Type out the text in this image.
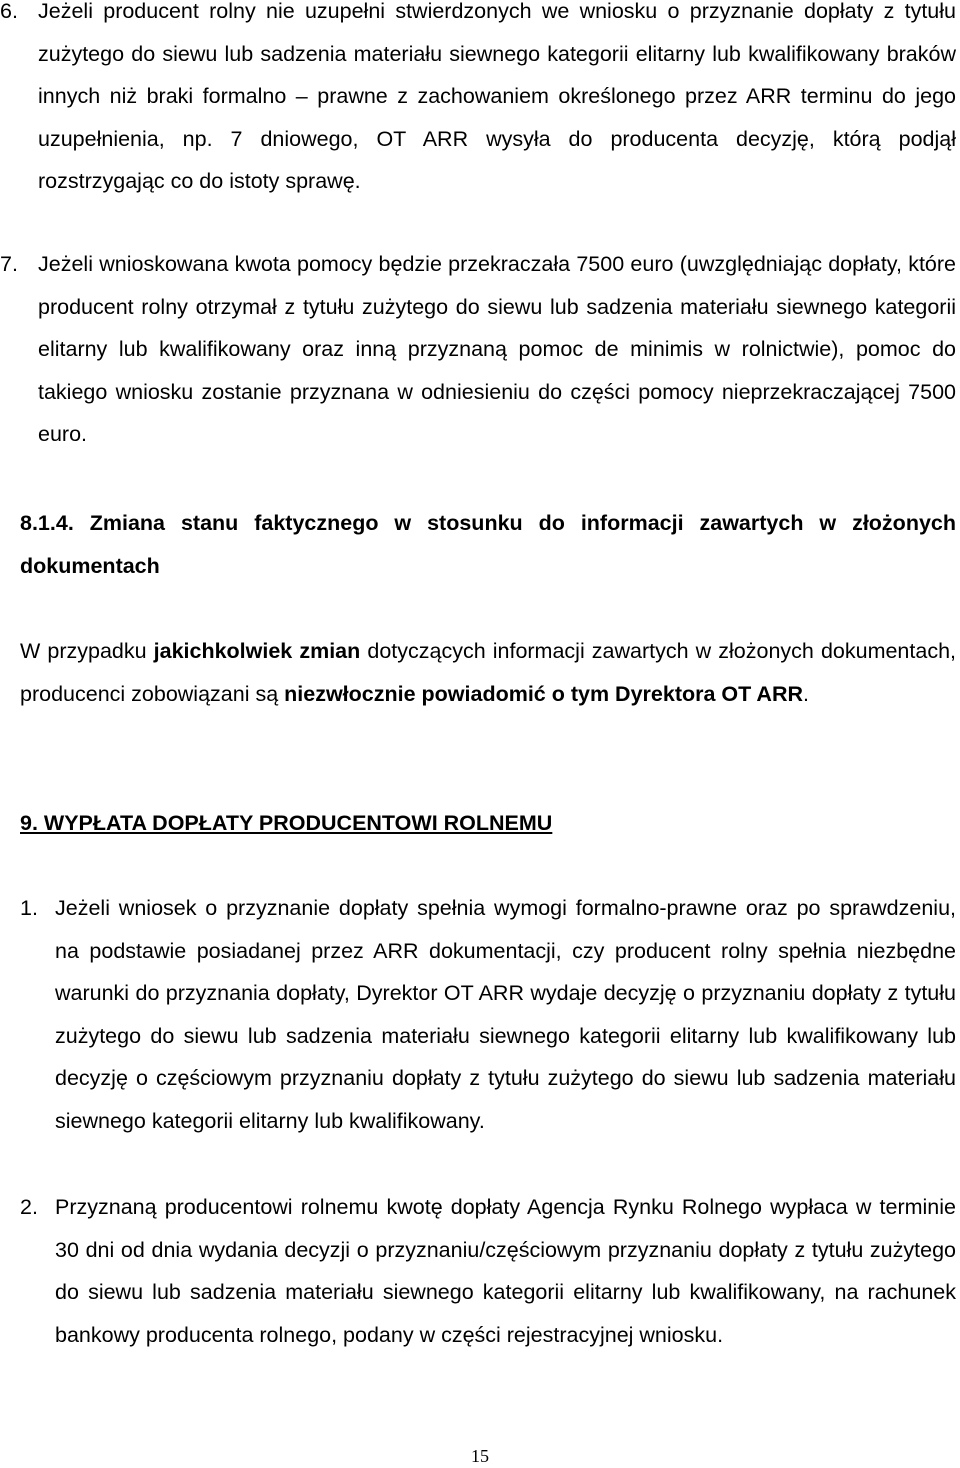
6. Jeżeli producent rolny nie uzupełni stwierdzonych we wniosku o przyznanie dopłaty z tytułu zużytego do siewu lub sadzenia materiału siewnego kategorii elitarny lub kwalifikowany braków innych niż braki formalno – prawne z zachowaniem określonego przez ARR terminu do jego uzupełnienia, np. 7 dniowego, OT ARR wysyła do producenta decyzję, którą podjął rozstrzygając co do istoty sprawę.

7. Jeżeli wnioskowana kwota pomocy będzie przekraczała 7500 euro (uwzględniając dopłaty, które producent rolny otrzymał z tytułu zużytego do siewu lub sadzenia materiału siewnego kategorii elitarny lub kwalifikowany oraz inną przyznaną pomoc de minimis w rolnictwie), pomoc do takiego wniosku zostanie przyznana w odniesieniu do części pomocy nieprzekraczającej 7500 euro.

8.1.4. Zmiana stanu faktycznego w stosunku do informacji zawartych w złożonych dokumentach

W przypadku jakichkolwiek zmian dotyczących informacji zawartych w złożonych dokumentach, producenci zobowiązani są niezwłocznie powiadomić o tym Dyrektora OT ARR.

9. WYPŁATA DOPŁATY PRODUCENTOWI ROLNEMU

1. Jeżeli wniosek o przyznanie dopłaty spełnia wymogi formalno-prawne oraz po sprawdzeniu, na podstawie posiadanej przez ARR dokumentacji, czy producent rolny spełnia niezbędne warunki do przyznania dopłaty, Dyrektor OT ARR wydaje decyzję o przyznaniu dopłaty z tytułu zużytego do siewu lub sadzenia materiału siewnego kategorii elitarny lub kwalifikowany lub decyzję o częściowym przyznaniu dopłaty z tytułu zużytego do siewu lub sadzenia materiału siewnego kategorii elitarny lub kwalifikowany.

2. Przyznaną producentowi rolnemu kwotę dopłaty Agencja Rynku Rolnego wypłaca w terminie 30 dni od dnia wydania decyzji o przyznaniu/częściowym przyznaniu dopłaty z tytułu zużytego do siewu lub sadzenia materiału siewnego kategorii elitarny lub kwalifikowany, na rachunek bankowy producenta rolnego, podany w części rejestracyjnej wniosku.

15
